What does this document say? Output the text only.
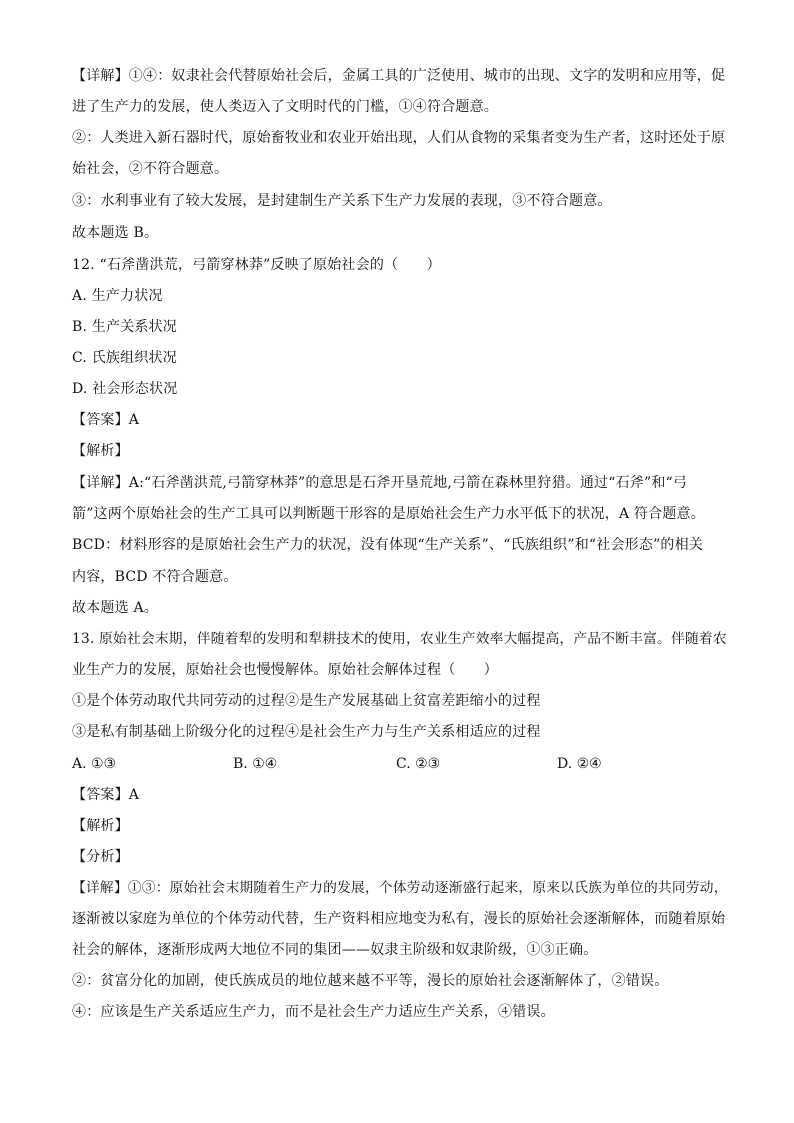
【详解】①④：奴隶社会代替原始社会后，金属工具的广泛使用、城市的出现、文字的发明和应用等，促
进了生产力的发展，使人类迈入了文明时代的门槛，①④符合题意。
②：人类进入新石器时代，原始畜牧业和农业开始出现，人们从食物的采集者变为生产者，这时还处于原
始社会，②不符合题意。
③：水利事业有了较大发展，是封建制生产关系下生产力发展的表现，③不符合题意。
故本题选 B。
12. “石斧凿洪荒，弓箭穿林莽”反映了原始社会的（　　）
A. 生产力状况
B. 生产关系状况
C. 氏族组织状况
D. 社会形态状况
【答案】A
【解析】
【详解】A:“石斧凿洪荒,弓箭穿林莽”的意思是石斧开垦荒地,弓箭在森林里狩猎。通过“石斧”和“弓
箭”这两个原始社会的生产工具可以判断题干形容的是原始社会生产力水平低下的状况，A 符合题意。
BCD：材料形容的是原始社会生产力的状况，没有体现“生产关系”、“氏族组织”和“社会形态”的相关
内容，BCD 不符合题意。
故本题选 A。
13. 原始社会末期，伴随着犁的发明和犁耕技术的使用，农业生产效率大幅提高，产品不断丰富。伴随着农
业生产力的发展，原始社会也慢慢解体。原始社会解体过程（　　）
①是个体劳动取代共同劳动的过程②是生产发展基础上贫富差距缩小的过程
③是私有制基础上阶级分化的过程④是社会生产力与生产关系相适应的过程
A. ①③	B. ①④	C. ②③	D. ②④
【答案】A
【解析】
【分析】
【详解】①③：原始社会末期随着生产力的发展，个体劳动逐渐盛行起来，原来以氏族为单位的共同劳动，
逐渐被以家庭为单位的个体劳动代替，生产资料相应地变为私有，漫长的原始社会逐渐解体，而随着原始
社会的解体，逐渐形成两大地位不同的集团——奴隶主阶级和奴隶阶级，①③正确。
②：贫富分化的加剧，使氏族成员的地位越来越不平等，漫长的原始社会逐渐解体了，②错误。
④：应该是生产关系适应生产力，而不是社会生产力适应生产关系，④错误。
